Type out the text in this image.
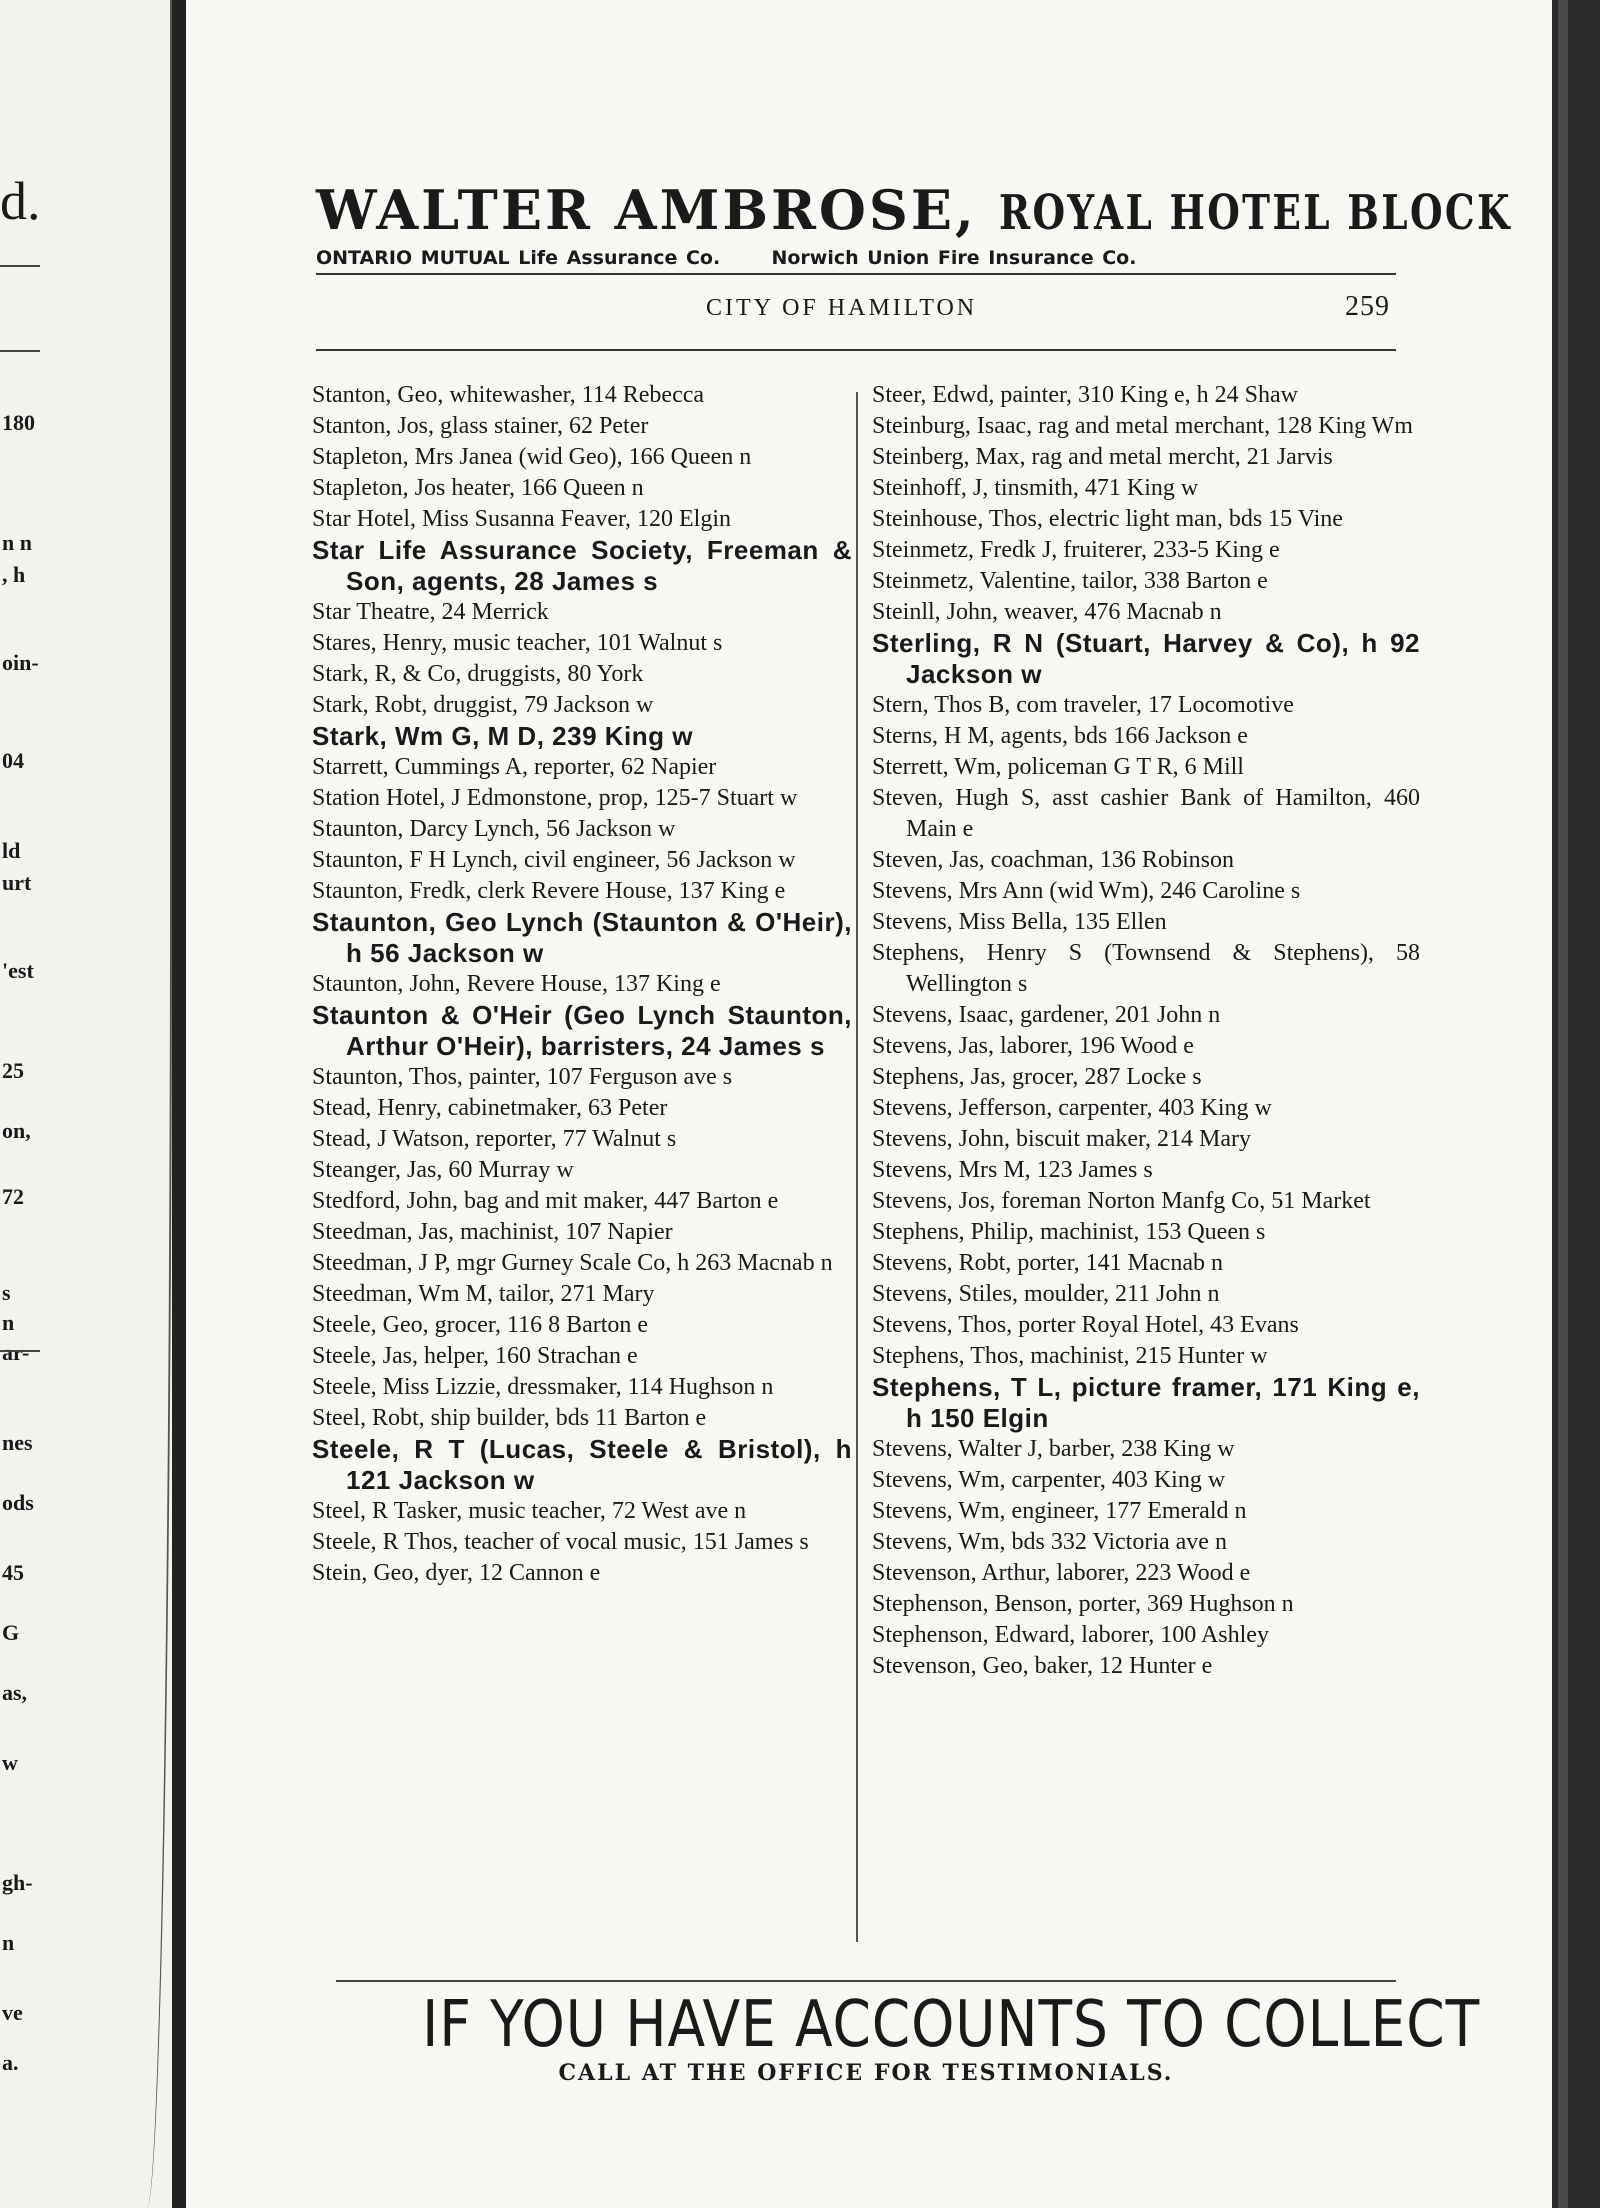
d.
180
n n
, h
oin-
04
ld
urt
'est
25
on,
72
s
n
ar-
nes
ods
45
G
as,
w
gh-
n
ve
a.
WALTER AMBROSE, ROYAL HOTEL BLOCK
ONTARIO MUTUAL Life Assurance Co.	Norwich Union Fire Insurance Co.
CITY OF HAMILTON	259
Stanton, Geo, whitewasher, 114 Rebecca
Stanton, Jos, glass stainer, 62 Peter
Stapleton, Mrs Janea (wid Geo), 166 Queen n
Stapleton, Jos heater, 166 Queen n
Star Hotel, Miss Susanna Feaver, 120 Elgin
Star Life Assurance Society, Freeman & Son, agents, 28 James s
Star Theatre, 24 Merrick
Stares, Henry, music teacher, 101 Walnut s
Stark, R, & Co, druggists, 80 York
Stark, Robt, druggist, 79 Jackson w
Stark, Wm G, M D, 239 King w
Starrett, Cummings A, reporter, 62 Napier
Station Hotel, J Edmonstone, prop, 125-7 Stuart w
Staunton, Darcy Lynch, 56 Jackson w
Staunton, F H Lynch, civil engineer, 56 Jackson w
Staunton, Fredk, clerk Revere House, 137 King e
Staunton, Geo Lynch (Staunton & O'Heir), h 56 Jackson w
Staunton, John, Revere House, 137 King e
Staunton & O'Heir (Geo Lynch Staunton, Arthur O'Heir), barristers, 24 James s
Staunton, Thos, painter, 107 Ferguson ave s
Stead, Henry, cabinetmaker, 63 Peter
Stead, J Watson, reporter, 77 Walnut s
Steanger, Jas, 60 Murray w
Stedford, John, bag and mit maker, 447 Barton e
Steedman, Jas, machinist, 107 Napier
Steedman, J P, mgr Gurney Scale Co, h 263 Macnab n
Steedman, Wm M, tailor, 271 Mary
Steele, Geo, grocer, 116 8 Barton e
Steele, Jas, helper, 160 Strachan e
Steele, Miss Lizzie, dressmaker, 114 Hughson n
Steel, Robt, ship builder, bds 11 Barton e
Steele, R T (Lucas, Steele & Bristol), h 121 Jackson w
Steel, R Tasker, music teacher, 72 West ave n
Steele, R Thos, teacher of vocal music, 151 James s
Stein, Geo, dyer, 12 Cannon e
Steer, Edwd, painter, 310 King e, h 24 Shaw
Steinburg, Isaac, rag and metal merchant, 128 King Wm
Steinberg, Max, rag and metal mercht, 21 Jarvis
Steinhoff, J, tinsmith, 471 King w
Steinhouse, Thos, electric light man, bds 15 Vine
Steinmetz, Fredk J, fruiterer, 233-5 King e
Steinmetz, Valentine, tailor, 338 Barton e
Steinll, John, weaver, 476 Macnab n
Sterling, R N (Stuart, Harvey & Co), h 92 Jackson w
Stern, Thos B, com traveler, 17 Locomotive
Sterns, H M, agents, bds 166 Jackson e
Sterrett, Wm, policeman G T R, 6 Mill
Steven, Hugh S, asst cashier Bank of Hamilton, 460 Main e
Steven, Jas, coachman, 136 Robinson
Stevens, Mrs Ann (wid Wm), 246 Caroline s
Stevens, Miss Bella, 135 Ellen
Stephens, Henry S (Townsend & Stephens), 58 Wellington s
Stevens, Isaac, gardener, 201 John n
Stevens, Jas, laborer, 196 Wood e
Stephens, Jas, grocer, 287 Locke s
Stevens, Jefferson, carpenter, 403 King w
Stevens, John, biscuit maker, 214 Mary
Stevens, Mrs M, 123 James s
Stevens, Jos, foreman Norton Manfg Co, 51 Market
Stephens, Philip, machinist, 153 Queen s
Stevens, Robt, porter, 141 Macnab n
Stevens, Stiles, moulder, 211 John n
Stevens, Thos, porter Royal Hotel, 43 Evans
Stephens, Thos, machinist, 215 Hunter w
Stephens, T L, picture framer, 171 King e, h 150 Elgin
Stevens, Walter J, barber, 238 King w
Stevens, Wm, carpenter, 403 King w
Stevens, Wm, engineer, 177 Emerald n
Stevens, Wm, bds 332 Victoria ave n
Stevenson, Arthur, laborer, 223 Wood e
Stephenson, Benson, porter, 369 Hughson n
Stephenson, Edward, laborer, 100 Ashley
Stevenson, Geo, baker, 12 Hunter e
IF YOU HAVE ACCOUNTS TO COLLECT
CALL AT THE OFFICE FOR TESTIMONIALS.
